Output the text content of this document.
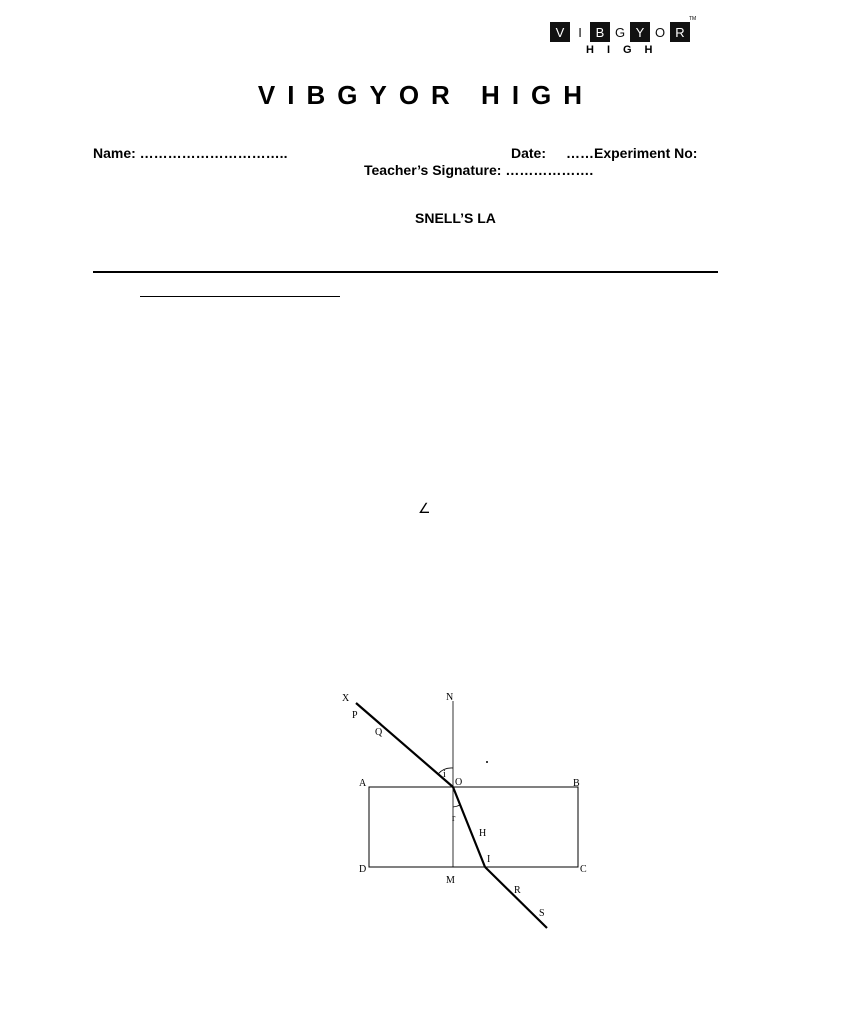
V	I	B G Y O R
TM
HIGH
VIBGYOR HIGH
Name: …………………………..	Date: ……Experiment No:
Teacher’s Signature: ……………….
SNELL’S LA
∠
X
P
Q
N
A	O	B
i
r
H
I
D
M
C
R
S
